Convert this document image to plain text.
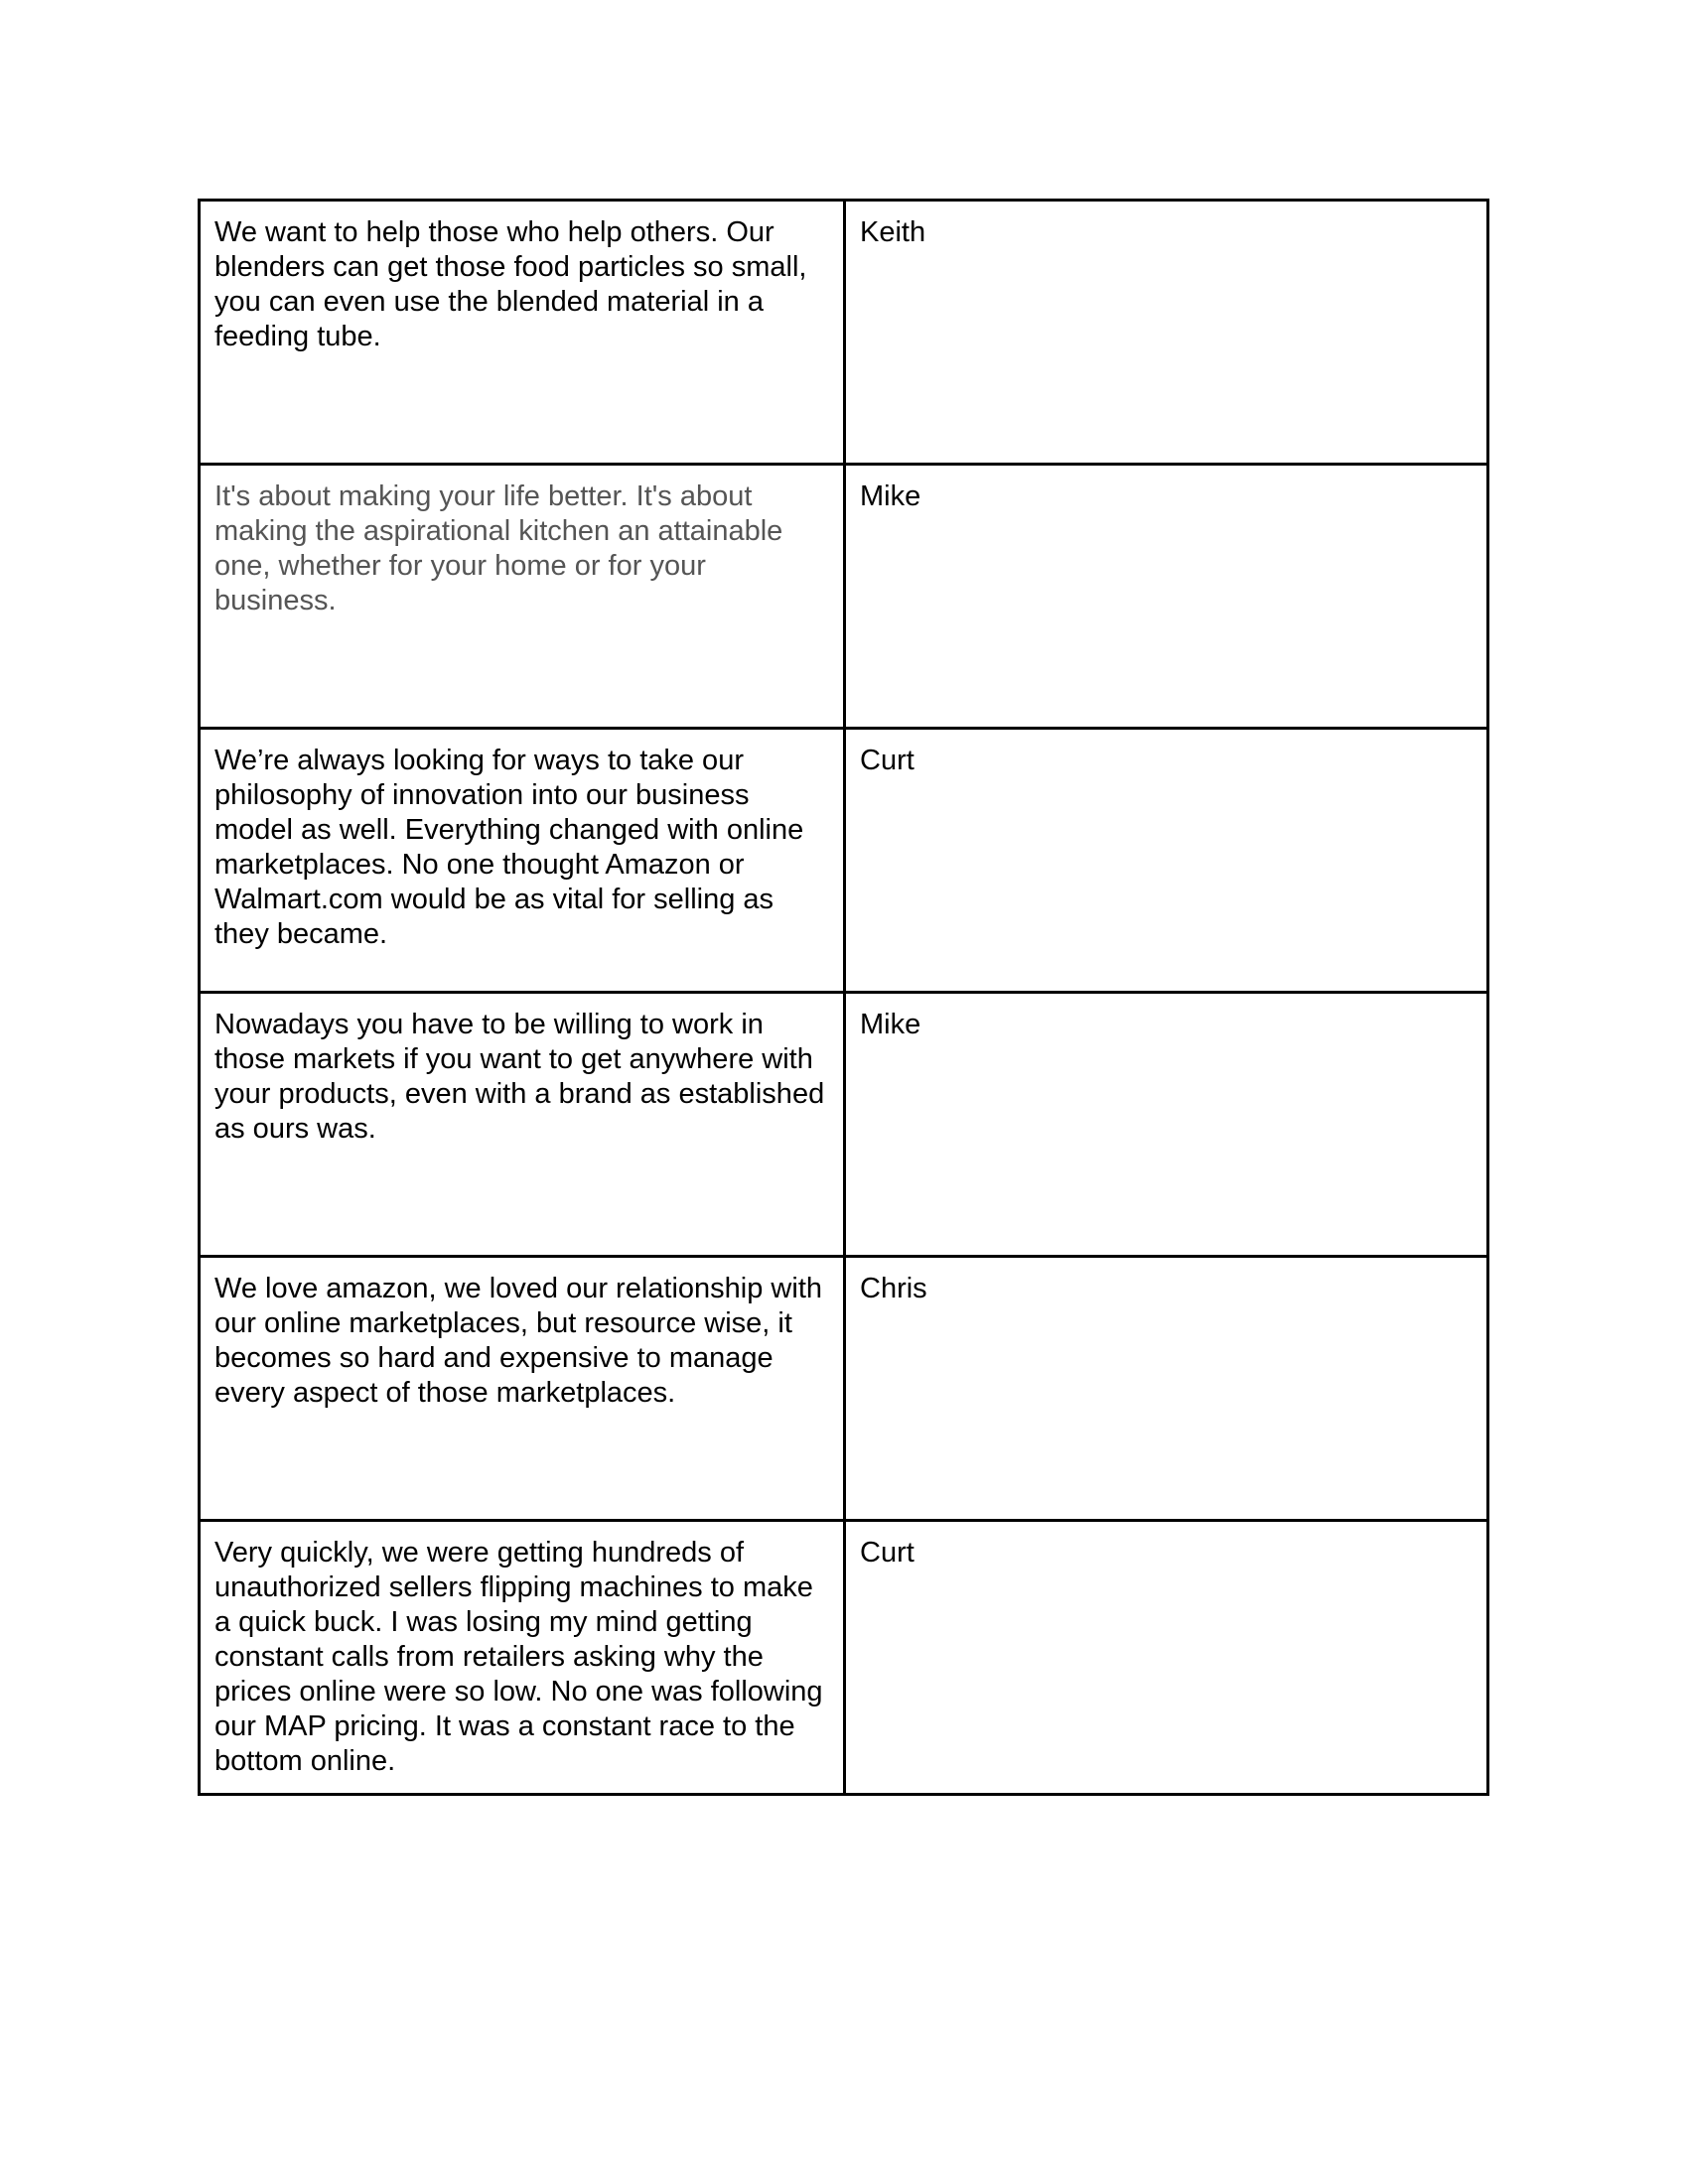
We want to help those who help others. Our blenders can get those food particles so small, you can even use the blended material in a feeding tube.	Keith
It's about making your life better. It's about making the aspirational kitchen an attainable one, whether for your home or for your business.	Mike
We’re always looking for ways to take our philosophy of innovation into our business model as well. Everything changed with online marketplaces. No one thought Amazon or Walmart.com would be as vital for selling as they became.	Curt
Nowadays you have to be willing to work in those markets if you want to get anywhere with your products, even with a brand as established as ours was.	Mike
We love amazon, we loved our relationship with our online marketplaces, but resource wise, it becomes so hard and expensive to manage every aspect of those marketplaces.	Chris
Very quickly, we were getting hundreds of unauthorized sellers flipping machines to make a quick buck. I was losing my mind getting constant calls from retailers asking why the prices online were so low. No one was following our MAP pricing. It was a constant race to the bottom online.	Curt
